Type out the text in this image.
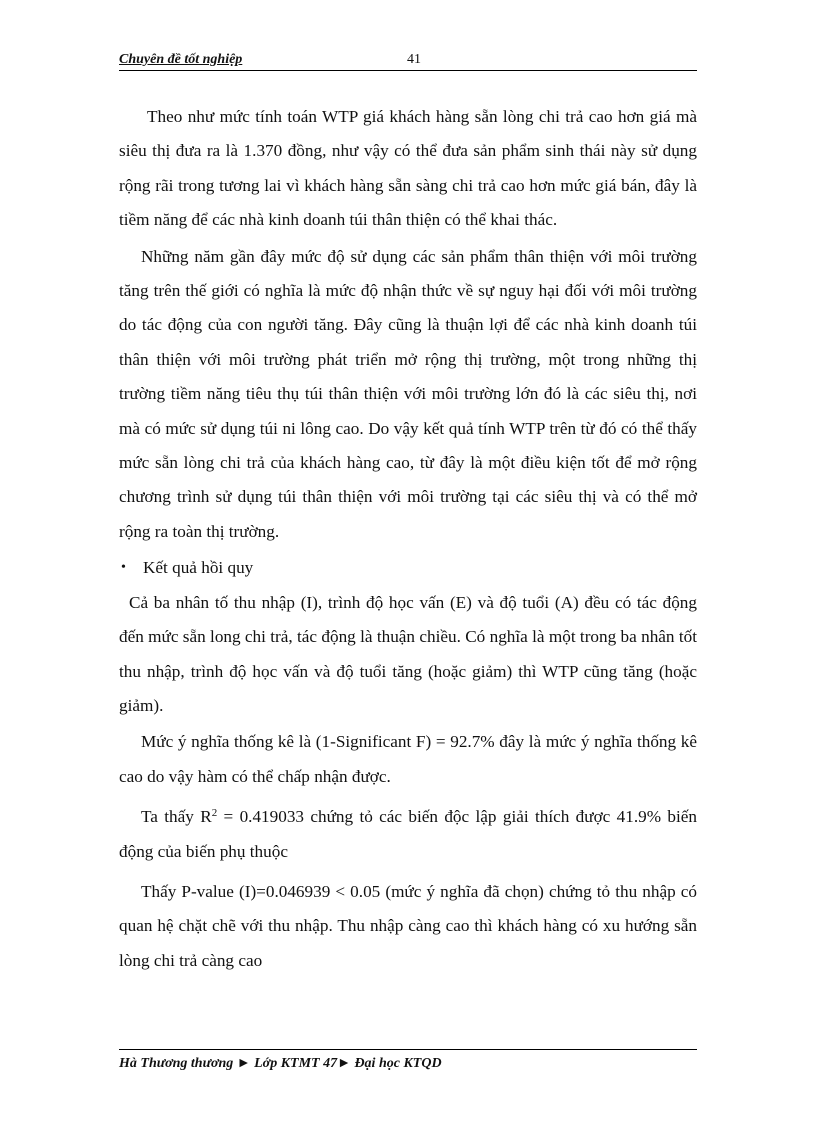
Chuyên đề tốt nghiệp	41

Theo như mức tính toán WTP giá khách hàng sẵn lòng chi trả cao hơn giá mà siêu thị đưa ra là 1.370 đồng, như vậy có thể đưa sản phẩm sinh thái này sử dụng rộng rãi trong tương lai vì khách hàng sẵn sàng chi trả cao hơn mức giá bán, đây là tiềm năng để các nhà kinh doanh túi thân thiện có thể khai thác.

Những năm gần đây mức độ sử dụng các sản phẩm thân thiện với môi trường tăng trên thế giới có nghĩa là mức độ nhận thức về sự nguy hại đối với môi trường do tác động của con người tăng. Đây cũng là thuận lợi để các nhà kinh doanh túi thân thiện với môi trường phát triển mở rộng thị trường, một trong những thị trường tiềm năng tiêu thụ túi thân thiện với môi trường lớn đó là các siêu thị, nơi mà có mức sử dụng túi ni lông cao. Do vậy kết quả tính WTP trên từ đó có thể thấy mức sẵn lòng chi trả của khách hàng cao, từ đây là một điều kiện tốt để mở rộng chương trình sử dụng túi thân thiện với môi trường tại các siêu thị và có thể mở rộng ra toàn thị trường.

• Kết quả hồi quy

Cả ba nhân tố thu nhập (I), trình độ học vấn (E) và độ tuổi (A) đều có tác động đến mức sẵn long chi trả, tác động là thuận chiều. Có nghĩa là một trong ba nhân tốt thu nhập, trình độ học vấn và độ tuổi tăng (hoặc giảm) thì WTP cũng tăng (hoặc giảm).

Mức ý nghĩa thống kê là (1-Significant F) = 92.7% đây là mức ý nghĩa thống kê cao do vậy hàm có thể chấp nhận được.

Ta thấy $R^2 = 0.419033$ chứng tỏ các biến độc lập giải thích được 41.9% biến động của biến phụ thuộc

Thấy P-value (I)=0.046939 < 0.05 (mức ý nghĩa đã chọn) chứng tỏ thu nhập có quan hệ chặt chẽ với thu nhập. Thu nhập càng cao thì khách hàng có xu hướng sẵn lòng chi trả càng cao

Hà Thương thương ► Lớp KTMT 47► Đại học KTQD
